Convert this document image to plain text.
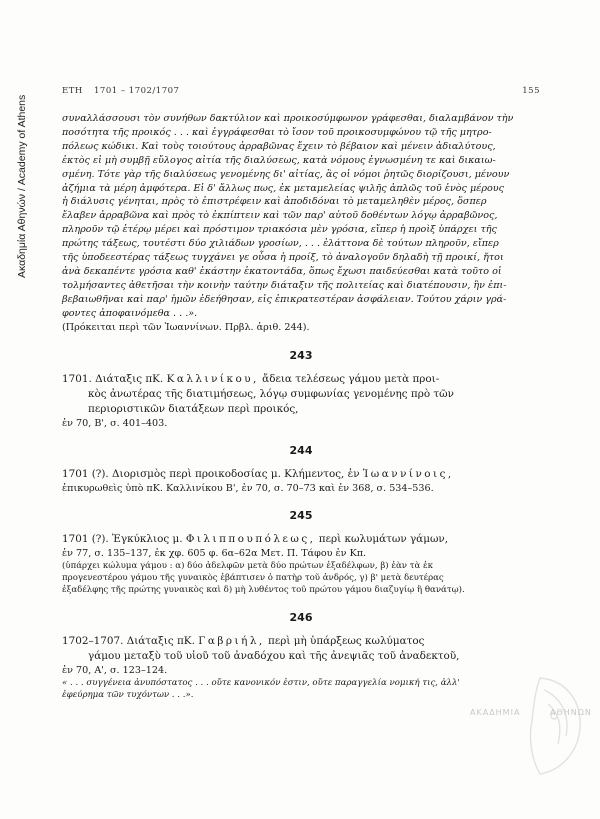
Ακαδημία Αθηνών / Academy of Athens
ΕΤΗ 1701 – 1702/1707	155

συναλλάσσουσι τὸν συνήθων δακτύλιον καὶ προικοσύμφωνον γράφεσθαι, διαλαμβάνον τὴν
ποσότητα τῆς προικός . . . καὶ ἐγγράφεσθαι τὸ ἴσον τοῦ προικοσυμφώνου τῷ τῆς μητρο-
πόλεως κώδικι. Καὶ τοὺς τοιούτους ἀρραβῶνας ἔχειν τὸ βέβαιον καὶ μένειν ἀδιαλύτους,
ἐκτὸς εἰ μὴ συμβῇ εὔλογος αἰτία τῆς διαλύσεως, κατὰ νόμους ἐγνωσμένη τε καὶ δικαιω-
σμένη. Τότε γὰρ τῆς διαλύσεως γενομένης δι' αἰτίας, ἃς οἱ νόμοι ῥητῶς διορίζουσι, μένουν
ἀζήμια τὰ μέρη ἀμφότερα. Εἰ δ' ἄλλως πως, ἐκ μεταμελείας ψιλῆς ἁπλῶς τοῦ ἑνὸς μέρους
ἡ διάλυσις γένηται, πρὸς τὸ ἐπιστρέφειν καὶ ἀποδιδόναι τὸ μεταμεληθὲν μέρος, ὅσπερ
ἔλαβεν ἀρραβῶνα καὶ πρὸς τὸ ἐκπίπτειν καὶ τῶν παρ' αὐτοῦ δοθέντων λόγῳ ἀρραβῶνος,
πληροῦν τῷ ἑτέρῳ μέρει καὶ πρόστιμον τριακόσια μὲν γρόσια, εἴπερ ἡ προὶξ ὑπάρχει τῆς
πρώτης τάξεως, τουτέστι δύο χιλιάδων γροσίων, . . . ἐλάττονα δὲ τούτων πληροῦν, εἴπερ
τῆς ὑποδεεστέρας τάξεως τυγχάνει γε οὖσα ἡ προίξ, τὸ ἀναλογοῦν δηλαδὴ τῇ προικί, ἤτοι
ἀνὰ δεκαπέντε γρόσια καθ' ἑκάστην ἑκατοντάδα, ὅπως ἔχωσι παιδεύεσθαι κατὰ τοῦτο οἱ
τολμήσαντες ἀθετῆσαι τὴν κοινὴν ταύτην διάταξιν τῆς πολιτείας καὶ διατέπουσιν, ἣν ἐπι-
βεβαιωθῆναι καὶ παρ' ἡμῶν ἐδεήθησαν, εἰς ἐπικρατεστέραν ἀσφάλειαν. Τούτου χάριν γρά-
φοντες ἀποφαινόμεθα . . .».

(Πρόκειται περὶ τῶν Ἰωαννίνων. Πρβλ. ἀριθ. 244).

243
1701. Διάταξις πΚ. Καλλινίκου, ἄδεια τελέσεως γάμου μετὰ προι-
κὸς ἀνωτέρας τῆς διατιμήσεως, λόγῳ συμφωνίας γενομένης πρὸ τῶν
περιοριστικῶν διατάξεων περὶ προικός,
ἐν 70, Β', σ. 401–403.
244
1701 (?). Διορισμὸς περὶ προικοδοσίας μ. Κλήμεντος, ἐν Ἰωαννίνοις,
ἐπικυρωθεὶς ὑπὸ πΚ. Καλλινίκου Β', ἐν 70, σ. 70–73 καὶ ἐν 368, σ. 534–536.
245
1701 (?). Ἐγκύκλιος μ. Φιλιππουπόλεως, περὶ κωλυμάτων γάμων,
ἐν 77, σ. 135–137, ἐκ χφ. 605 φ. 6α–62α Μετ. Π. Τάφου ἐν Κπ.
(ὑπάρχει κώλυμα γάμου : α) δύο ἀδελφῶν μετὰ δύο πρώτων ἐξαδέλφων, β) ἐὰν τὰ ἐκ
προγενεστέρου γάμου τῆς γυναικὸς ἐβάπτισεν ὁ πατὴρ τοῦ ἀνδρός, γ) β' μετὰ δευτέρας
ἐξαδέλφης τῆς πρώτης γυναικὸς καὶ δ) μὴ λυθέντος τοῦ πρώτου γάμου διαζυγίῳ ἢ θανάτῳ).
246
1702–1707. Διάταξις πΚ. Γαβριήλ, περὶ μὴ ὑπάρξεως κωλύματος
γάμου μεταξὺ τοῦ υἱοῦ τοῦ ἀναδόχου καὶ τῆς ἀνεψιᾶς τοῦ ἀναδεκτοῦ,
ἐν 70, Α', σ. 123–124.
« . . . συγγένεια ἀνυπόστατος . . . οὔτε κανονικόν ἐστιν, οὔτε παραγγελία νομική τις, ἀλλ'
ἐφεύρημα τῶν τυχόντων . . .».
ΑΚΑΔΗΜΙΑ	ΑΘΗΝΩΝ
